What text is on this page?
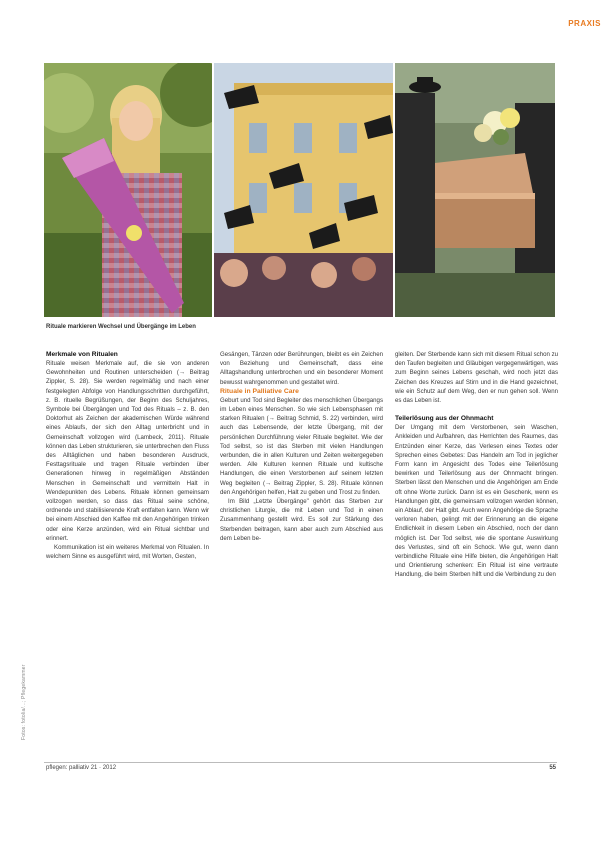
PRAXIS
Rituale markieren Wechsel und Übergänge im Leben

Merkmale von Ritualen

Rituale weisen Merkmale auf, die sie von anderen Gewohnheiten und Routinen unterscheiden (→ Beitrag Zippler, S. 28). Sie werden regelmäßig und nach einer festgelegten Abfolge von Handlungsschritten durchgeführt, z. B. rituelle Begrüßungen, der Beginn des Schuljahres, Symbole bei Übergängen und Tod des Rituals – z. B. den Doktorhut als Zeichen der akademischen Würde während eines Ablaufs, der sich den Alltag unterbricht und in Gemeinschaft vollzogen wird (Lambeck, 2011). Rituale können das Leben strukturieren, sie unterbrechen den Fluss des Alltäglichen und haben besonderen Ausdruck, Festtagsrituale und tragen Rituale verbinden über Generationen hinweg in regelmäßigen Abständen Menschen in Gemeinschaft und vermitteln Halt in Wendepunkten des Lebens. Rituale können gemeinsam vollzogen werden, so dass das Ritual seine schöne, ordnende und stabilisierende Kraft entfalten kann. Wenn wir bei einem Abschied den Kaffee mit den Angehörigen trinken oder eine Kerze anzünden, wird ein Ritual sichtbar und erinnert.

Kommunikation ist ein weiteres Merkmal von Ritualen. In welchem Sinne es ausgeführt wird, mit Worten, Gesten,

Gesängen, Tänzen oder Berührungen, bleibt es ein Zeichen von Beziehung und Gemeinschaft, dass eine Alltagshandlung unterbrochen und ein besonderer Moment bewusst wahrgenommen und gestaltet wird.

Rituale in Palliative Care

Geburt und Tod sind Begleiter des menschlichen Übergangs im Leben eines Menschen. So wie sich Lebensphasen mit starken Ritualen (→ Beitrag Schmid, S. 22) verbinden, wird auch das Lebensende, der letzte Übergang, mit der persönlichen Durchführung vieler Rituale begleitet. Wie der Tod selbst, so ist das Sterben mit vielen Handlungen verbunden, die in allen Kulturen und Zeiten weitergegeben werden. Alle Kulturen kennen Rituale und kultische Handlungen, die einen Verstorbenen auf seinem letzten Weg begleiten (→ Beitrag Zippler, S. 28). Rituale können den Angehörigen helfen, Halt zu geben und Trost zu finden.

Im Bild „Letzte Übergänge" gehört das Sterben zur christlichen Liturgie, die mit Leben und Tod in einen Zusammenhang gestellt wird. Es soll zur Stärkung des Sterbenden beitragen, kann aber auch zum Abschied aus dem Leben be-

gleiten. Der Sterbende kann sich mit diesem Ritual schon zu den Taufen begleiten und Gläubigen vergegenwärtigen, was zum Beginn seines Lebens geschah, wird noch jetzt das Zeichen des Kreuzes auf Stirn und in die Hand gezeichnet, wie ein Schutz auf dem Weg, den er nun gehen soll. Wenn es das Leben ist.

Teilerlösung aus der Ohnmacht

Der Umgang mit dem Verstorbenen, sein Waschen, Ankleiden und Aufbahren, das Herrichten des Raumes, das Entzünden einer Kerze, das Verlesen eines Textes oder Sprechen eines Gebetes: Das Handeln am Tod in jeglicher Form kann im Angesicht des Todes eine Teilerlösung bewirken und Teilerlösung aus der Ohnmacht bringen. Sterben lässt den Menschen und die Angehörigen am Ende oft ohne Worte zurück. Dann ist es ein Geschenk, wenn es Handlungen gibt, die gemeinsam vollzogen werden können, ein Ablauf, der Halt gibt. Auch wenn Angehörige die Sprache verloren haben, gelingt mit der Erinnerung an die eigene Endlichkeit in diesem Leben ein Abschied, noch der dann möglich ist. Der Tod selbst, wie die spontane Auswirkung des Verlustes, sind oft ein Schock. Wie gut, wenn dann verbindliche Rituale eine Hilfe bieten, die Angehörigen Halt und Orientierung schenken: Ein Ritual ist eine vertraute Handlung, die beim Sterben hilft und die Verbindung zu den

Fotos: fotolia/...; Pflegekammer
pflegen: palliativ 21 · 2012	55
